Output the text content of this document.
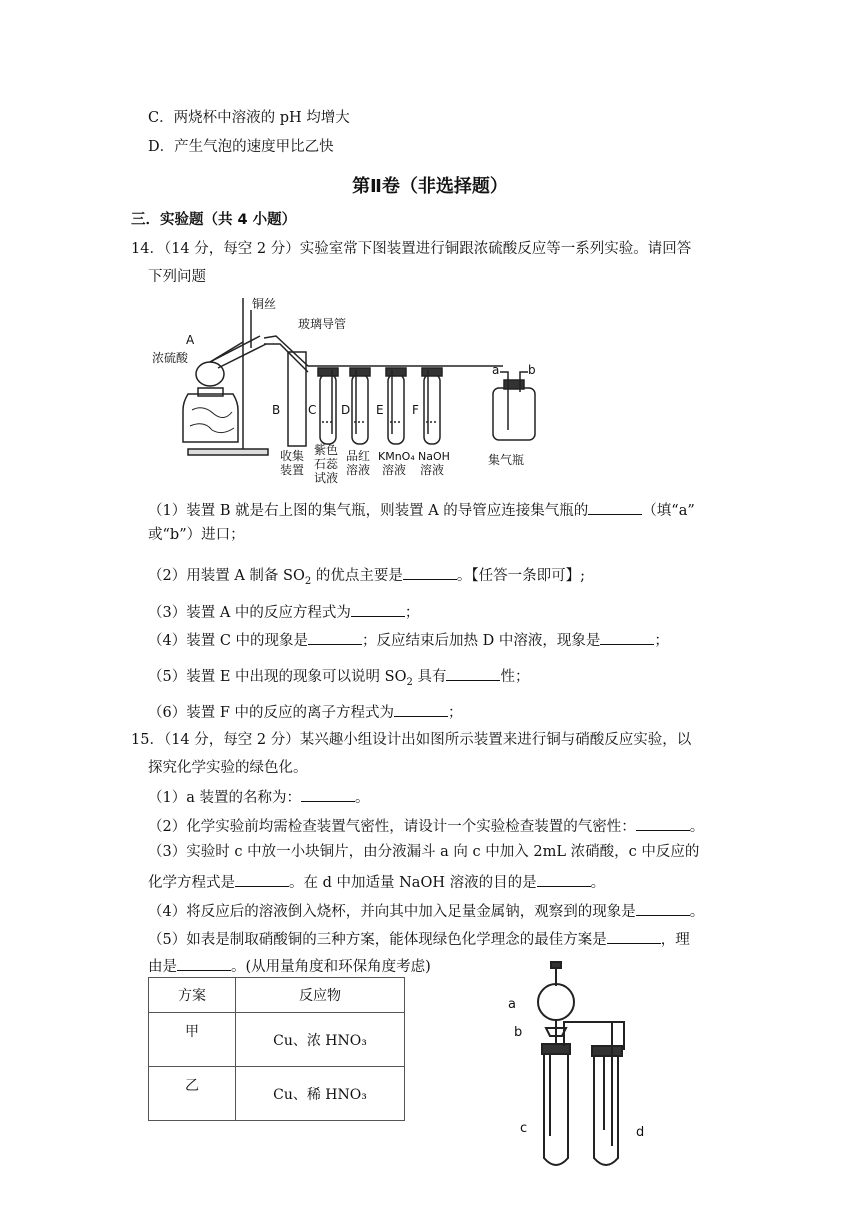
C．两烧杯中溶液的 pH 均增大
D．产生气泡的速度甲比乙快
第Ⅱ卷（非选择题）
三．实验题（共 4 小题）
14．（14 分，每空 2 分）实验室常下图装置进行铜跟浓硫酸反应等一系列实验。请回答
下列问题
铜丝
玻璃导管
A
浓硫酸
B C D E F
收集
装置
紫色
石蕊
试液
品红
溶液
KMnO₄
溶液
NaOH
溶液
a b
集气瓶
（1）装置 B 就是右上图的集气瓶，则装置 A 的导管应连接集气瓶的	（填“a”
或“b”）进口；
（2）用装置 A 制备 $SO_2$ 的优点主要是	。【任答一条即可】;
（3）装置 A 中的反应方程式为	；
（4）装置 C 中的现象是	；反应结束后加热 D 中溶液，现象是	；
（5）装置 E 中出现的现象可以说明 $SO_2$ 具有	性；
（6）装置 F 中的反应的离子方程式为	；
15．（14 分，每空 2 分）某兴趣小组设计出如图所示装置来进行铜与硝酸反应实验，以
探究化学实验的绿色化。
（1）a 装置的名称为：	。
（2）化学实验前均需检查装置气密性，请设计一个实验检查装置的气密性：	。
（3）实验时 c 中放一小块铜片，由分液漏斗 a 向 c 中加入 2mL 浓硝酸，c 中反应的
化学方程式是	。在 d 中加适量 NaOH 溶液的目的是	。
（4）将反应后的溶液倒入烧杯，并向其中加入足量金属钠，观察到的现象是	。
（5）如表是制取硝酸铜的三种方案，能体现绿色化学理念的最佳方案是	，理
由是	。(从用量角度和环保角度考虑)
方案	反应物
甲	Cu、浓 HNO₃
乙	Cu、稀 HNO₃
a
b
c	d
